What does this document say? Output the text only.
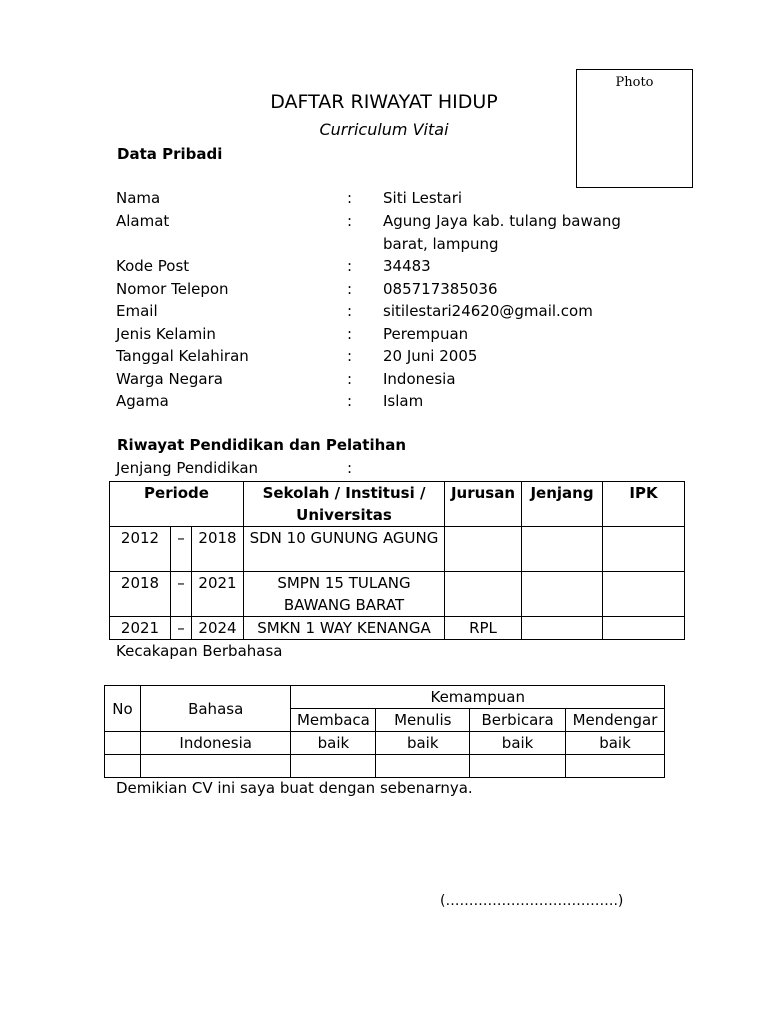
Photo
DAFTAR RIWAYAT HIDUP
Curriculum Vitai
Data Pribadi
Nama	: Siti Lestari
Alamat	: Agung Jaya kab. tulang bawang
barat, lampung
Kode Post	: 34483
Nomor Telepon	: 085717385036
Email	: sitilestari24620@gmail.com
Jenis Kelamin	: Perempuan
Tanggal Kelahiran	: 20 Juni 2005
Warga Negara	: Indonesia
Agama	: Islam
Riwayat Pendidikan dan Pelatihan
Jenjang Pendidikan	:
Periode			Sekolah / Institusi / Universitas	Jurusan	Jenjang	IPK
2012	–	2018	SDN 10 GUNUNG AGUNG			
2018	–	2021	SMPN 15 TULANG BAWANG BARAT			
2021	–	2024	SMKN 1 WAY KENANGA	RPL		
Kecakapan Berbahasa
No	Bahasa	Kemampuan			
		Membaca	Menulis	Berbicara	Mendengar
	Indonesia	baik	baik	baik	baik

Demikian CV ini saya buat dengan sebenarnya.
(……………………………….)
